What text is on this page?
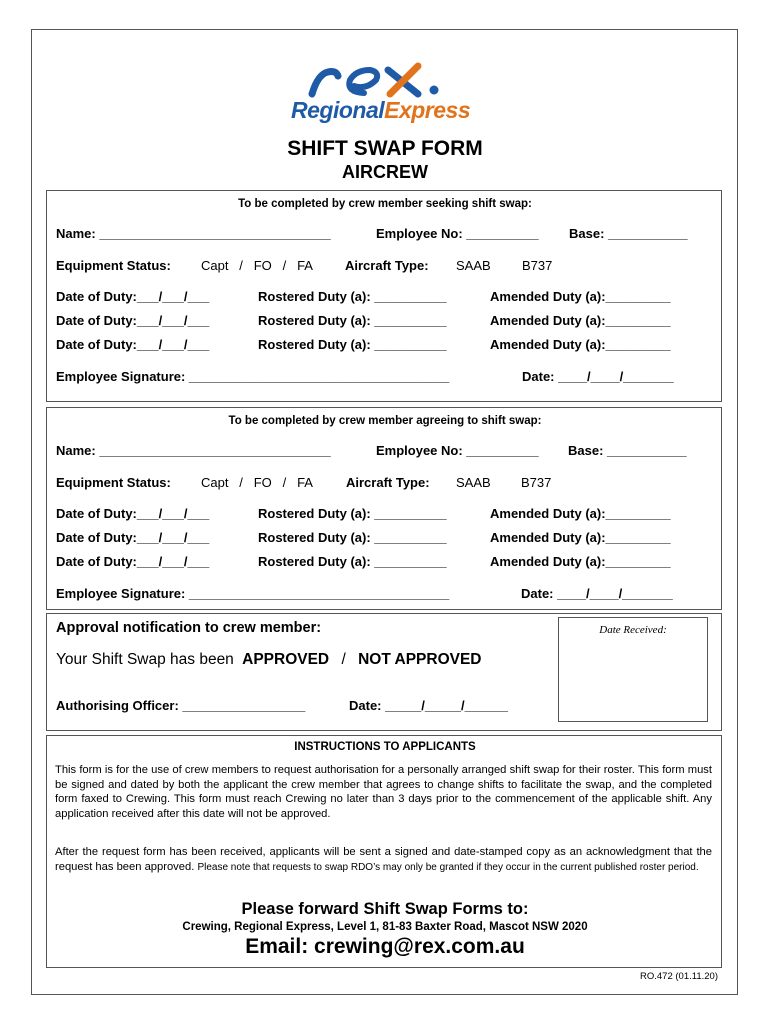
RegionalExpress
SHIFT SWAP FORM
AIRCREW
To be completed by crew member seeking shift swap:
Name: ________________________________	Employee No: __________ Base: ___________
Equipment Status: Capt   /   FO   /   FA Aircraft Type: SAAB B737
Date of Duty:___/___/___	Rostered Duty (a): __________	Amended Duty (a):_________
Date of Duty:___/___/___	Rostered Duty (a): __________	Amended Duty (a):_________
Date of Duty:___/___/___	Rostered Duty (a): __________	Amended Duty (a):_________
Employee Signature: ____________________________________	Date: ____/____/_______
To be completed by crew member agreeing to shift swap:
Name: ________________________________	Employee No: __________ Base: ___________
Equipment Status: Capt   /   FO   /   FA	Aircraft Type: SAAB B737
Date of Duty:___/___/___	Rostered Duty (a): __________	Amended Duty (a):_________
Date of Duty:___/___/___	Rostered Duty (a): __________	Amended Duty (a):_________
Date of Duty:___/___/___	Rostered Duty (a): __________	Amended Duty (a):_________
Employee Signature: ____________________________________	Date: ____/____/_______
Approval notification to crew member:
Your Shift Swap has been APPROVED / NOT APPROVED
Authorising Officer: _________________	Date: _____/_____/______
Date Received:
INSTRUCTIONS TO APPLICANTS
This form is for the use of crew members to request authorisation for a personally arranged shift swap for their roster. This form must be signed and dated by both the applicant the crew member that agrees to change shifts to facilitate the swap, and the completed form faxed to Crewing. This form must reach Crewing no later than 3 days prior to the commencement of the applicable shift. Any application received after this date will not be approved.
After the request form has been received, applicants will be sent a signed and date-stamped copy as an acknowledgment that the request has been approved. Please note that requests to swap RDO’s may only be granted if they occur in the current published roster period.
Please forward Shift Swap Forms to:
Crewing, Regional Express, Level 1, 81-83 Baxter Road, Mascot NSW 2020
Email: crewing@rex.com.au
RO.472 (01.11.20)
